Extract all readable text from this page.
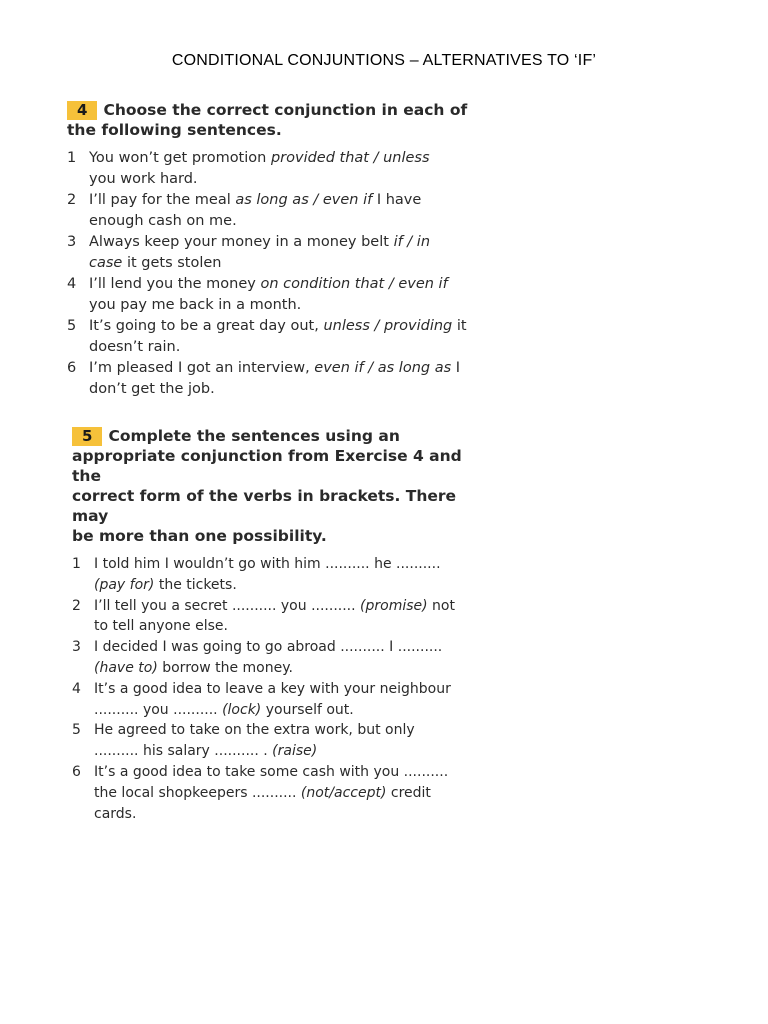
CONDITIONAL CONJUNTIONS – ALTERNATIVES TO ‘IF’
4 Choose the correct conjunction in each of
the following sentences.
1 You won’t get promotion provided that / unless
you work hard.
2 I’ll pay for the meal as long as / even if I have
enough cash on me.
3 Always keep your money in a money belt if / in
case it gets stolen
4 I’ll lend you the money on condition that / even if
you pay me back in a month.
5 It’s going to be a great day out, unless / providing it
doesn’t rain.
6 I’m pleased I got an interview, even if / as long as I
don’t get the job.
5 Complete the sentences using an
appropriate conjunction from Exercise 4 and the
correct form of the verbs in brackets. There may
be more than one possibility.
1 I told him I wouldn’t go with him .......... he ..........
(pay for) the tickets.
2 I’ll tell you a secret .......... you .......... (promise) not
to tell anyone else.
3 I decided I was going to go abroad .......... I ..........
(have to) borrow the money.
4 It’s a good idea to leave a key with your neighbour
.......... you .......... (lock) yourself out.
5 He agreed to take on the extra work, but only
.......... his salary .......... . (raise)
6 It’s a good idea to take some cash with you ..........
the local shopkeepers .......... (not/accept) credit
cards.
